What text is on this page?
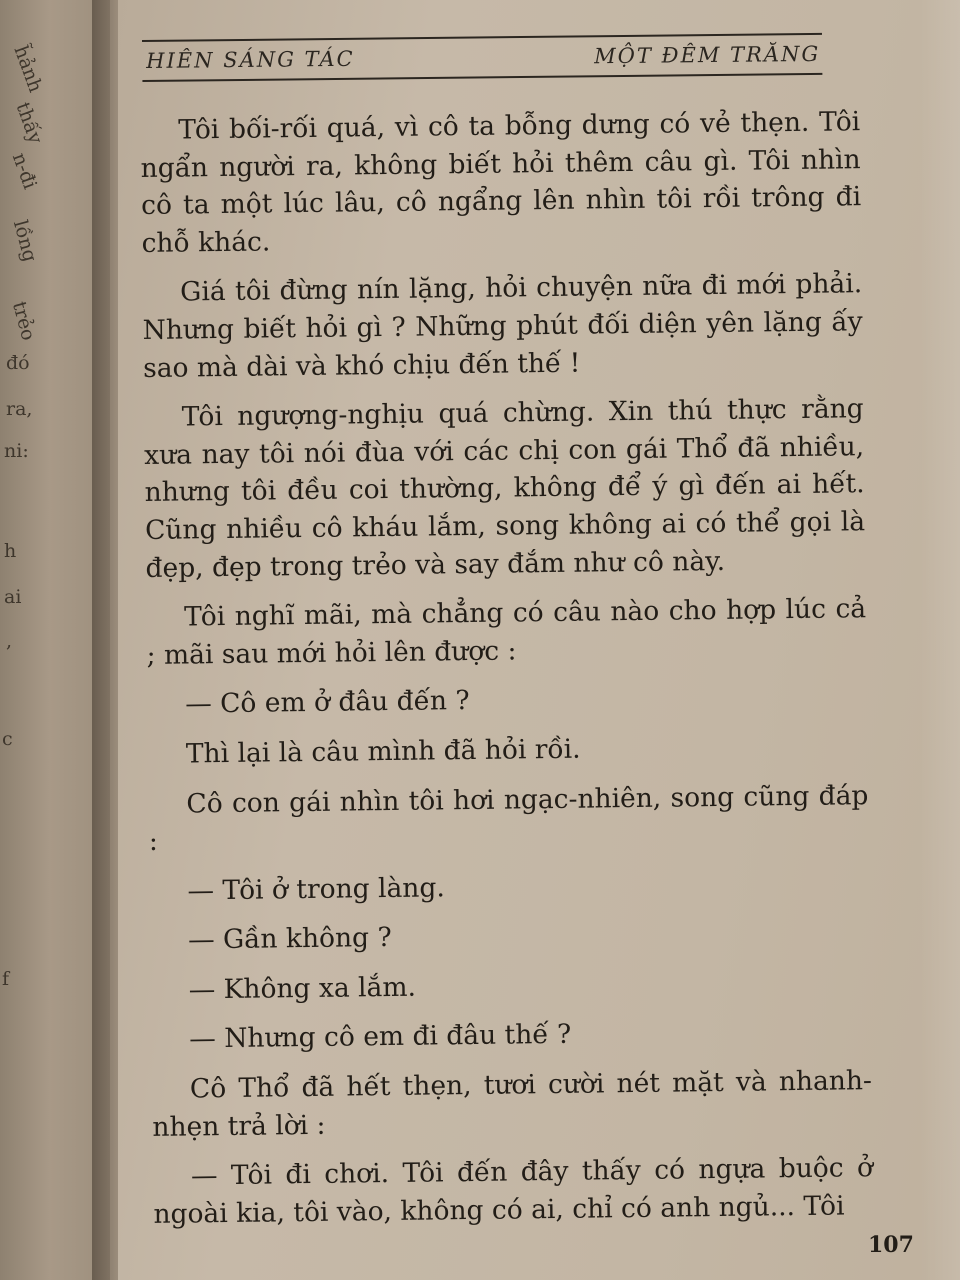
h̃ảnh
thấy
n-đi
lồng
trẻo
đó
ra,
ni:
h
ai
,
c
f
HIÊN SÁNG TÁC	MỘT ĐÊM TRĂNG

Tôi bối-rối quá, vì cô ta bỗng dưng có vẻ thẹn. Tôi ngẩn người ra, không biết hỏi thêm câu gì. Tôi nhìn cô ta một lúc lâu, cô ngẩng lên nhìn tôi rồi trông đi chỗ khác.

Giá tôi đừng nín lặng, hỏi chuyện nữa đi mới phải. Nhưng biết hỏi gì ? Những phút đối diện yên lặng ấy sao mà dài và khó chịu đến thế !

Tôi ngượng-nghịu quá chừng. Xin thú thực rằng xưa nay tôi nói đùa với các chị con gái Thổ đã nhiều, nhưng tôi đều coi thường, không để ý gì đến ai hết. Cũng nhiều cô kháu lắm, song không ai có thể gọi là đẹp, đẹp trong trẻo và say đắm như cô này.

Tôi nghĩ mãi, mà chẳng có câu nào cho hợp lúc cả ; mãi sau mới hỏi lên được :

— Cô em ở đâu đến ?

Thì lại là câu mình đã hỏi rồi.

Cô con gái nhìn tôi hơi ngạc-nhiên, song cũng đáp :

— Tôi ở trong làng.

— Gần không ?

— Không xa lắm.

— Nhưng cô em đi đâu thế ?

Cô Thổ đã hết thẹn, tươi cười nét mặt và nhanh-nhẹn trả lời :

— Tôi đi chơi. Tôi đến đây thấy có ngựa buộc ở ngoài kia, tôi vào, không có ai, chỉ có anh ngủ... Tôi

107
